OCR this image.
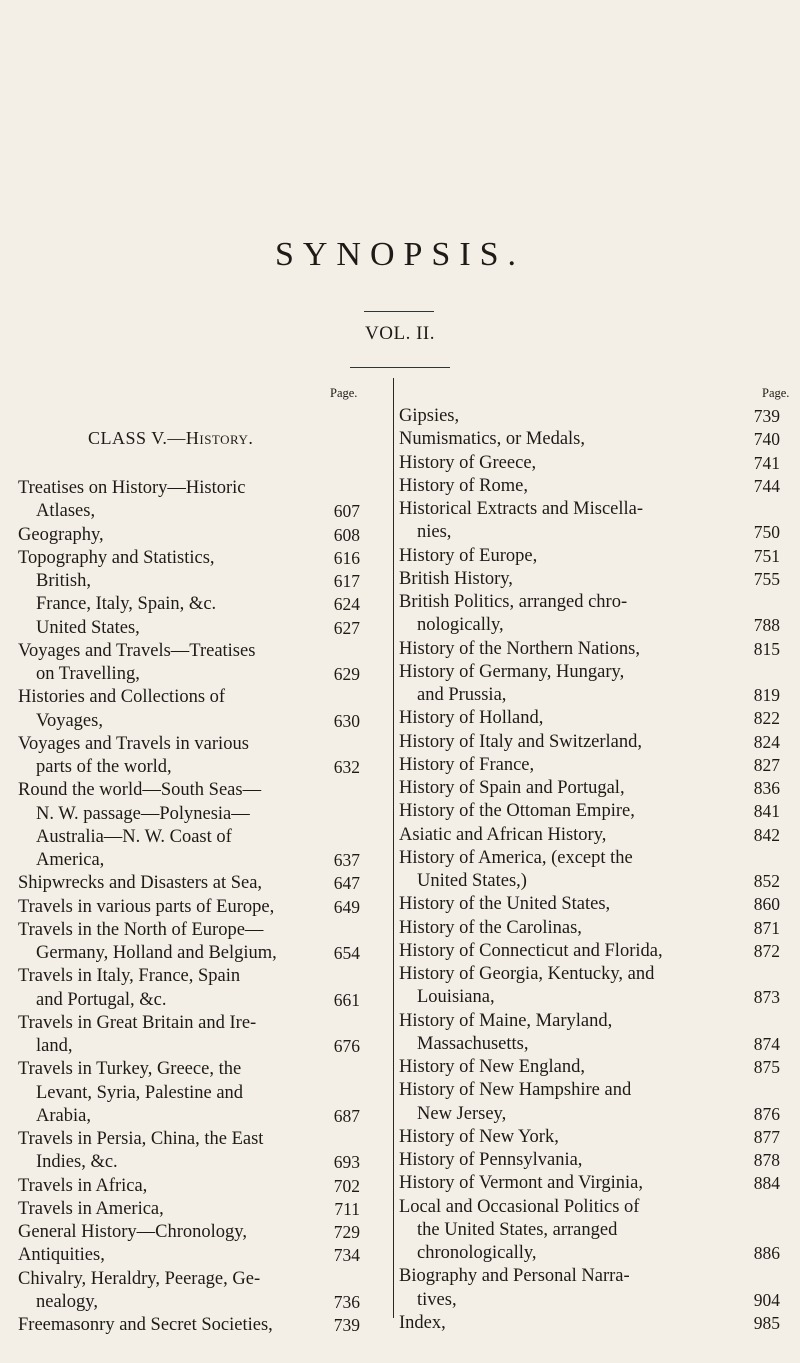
SYNOPSIS.
VOL. II.
Page.	Page.
CLASS V.—History.
Treatises on History—Historic
Atlases,	607
Geography,	608
Topography and Statistics,	616
British,	617
France, Italy, Spain, &c.	624
United States,	627
Voyages and Travels—Treatises
on Travelling,	629
Histories and Collections of
Voyages,	630
Voyages and Travels in various
parts of the world,	632
Round the world—South Seas—
N. W. passage—Polynesia—
Australia—N. W. Coast of
America,	637
Shipwrecks and Disasters at Sea,	647
Travels in various parts of Europe,	649
Travels in the North of Europe—
Germany, Holland and Belgium,	654
Travels in Italy, France, Spain
and Portugal, &c.	661
Travels in Great Britain and Ire-
land,	676
Travels in Turkey, Greece, the
Levant, Syria, Palestine and
Arabia,	687
Travels in Persia, China, the East
Indies, &c.	693
Travels in Africa,	702
Travels in America,	711
General History—Chronology,	729
Antiquities,	734
Chivalry, Heraldry, Peerage, Ge-
nealogy,	736
Freemasonry and Secret Societies,	739
Gipsies,	739
Numismatics, or Medals,	740
History of Greece,	741
History of Rome,	744
Historical Extracts and Miscella-
nies,	750
History of Europe,	751
British History,	755
British Politics, arranged chro-
nologically,	788
History of the Northern Nations,	815
History of Germany, Hungary,
and Prussia,	819
History of Holland,	822
History of Italy and Switzerland,	824
History of France,	827
History of Spain and Portugal,	836
History of the Ottoman Empire,	841
Asiatic and African History,	842
History of America, (except the
United States,)	852
History of the United States,	860
History of the Carolinas,	871
History of Connecticut and Florida,	872
History of Georgia, Kentucky, and
Louisiana,	873
History of Maine, Maryland,
Massachusetts,	874
History of New England,	875
History of New Hampshire and
New Jersey,	876
History of New York,	877
History of Pennsylvania,	878
History of Vermont and Virginia,	884
Local and Occasional Politics of
the United States, arranged
chronologically,	886
Biography and Personal Narra-
tives,	904
Index,	985
